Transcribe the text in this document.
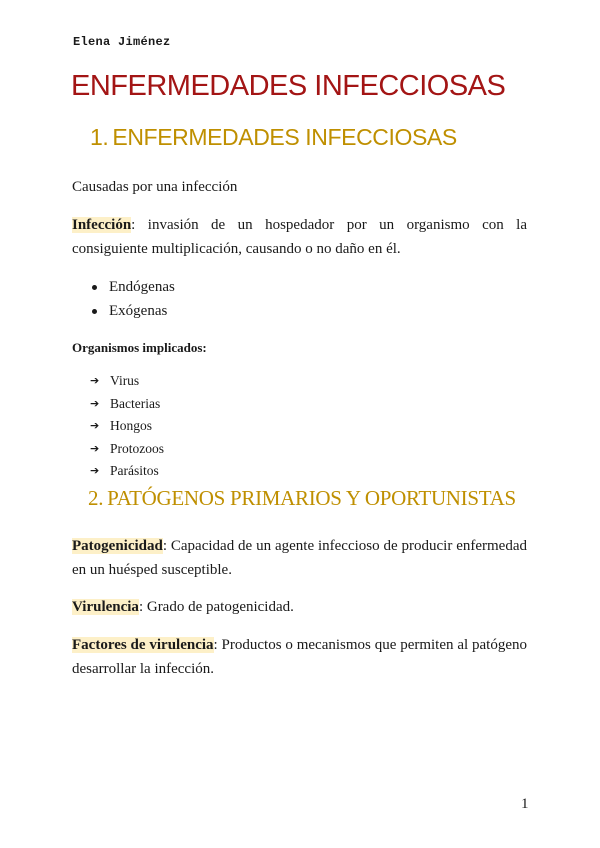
Elena Jiménez
ENFERMEDADES INFECCIOSAS
1. ENFERMEDADES INFECCIOSAS

Causadas por una infección

Infección: invasión de un hospedador por un organismo con la consiguiente multiplicación, causando o no daño en él.

Endógenas
Exógenas

Organismos implicados:

➔ Virus
➔ Bacterias
➔ Hongos
➔ Protozoos
➔ Parásitos
2. PATÓGENOS PRIMARIOS Y OPORTUNISTAS

Patogenicidad: Capacidad de un agente infeccioso de producir enfermedad en un huésped susceptible.

Virulencia: Grado de patogenicidad.

Factores de virulencia: Productos o mecanismos que permiten al patógeno desarrollar la infección.

1
